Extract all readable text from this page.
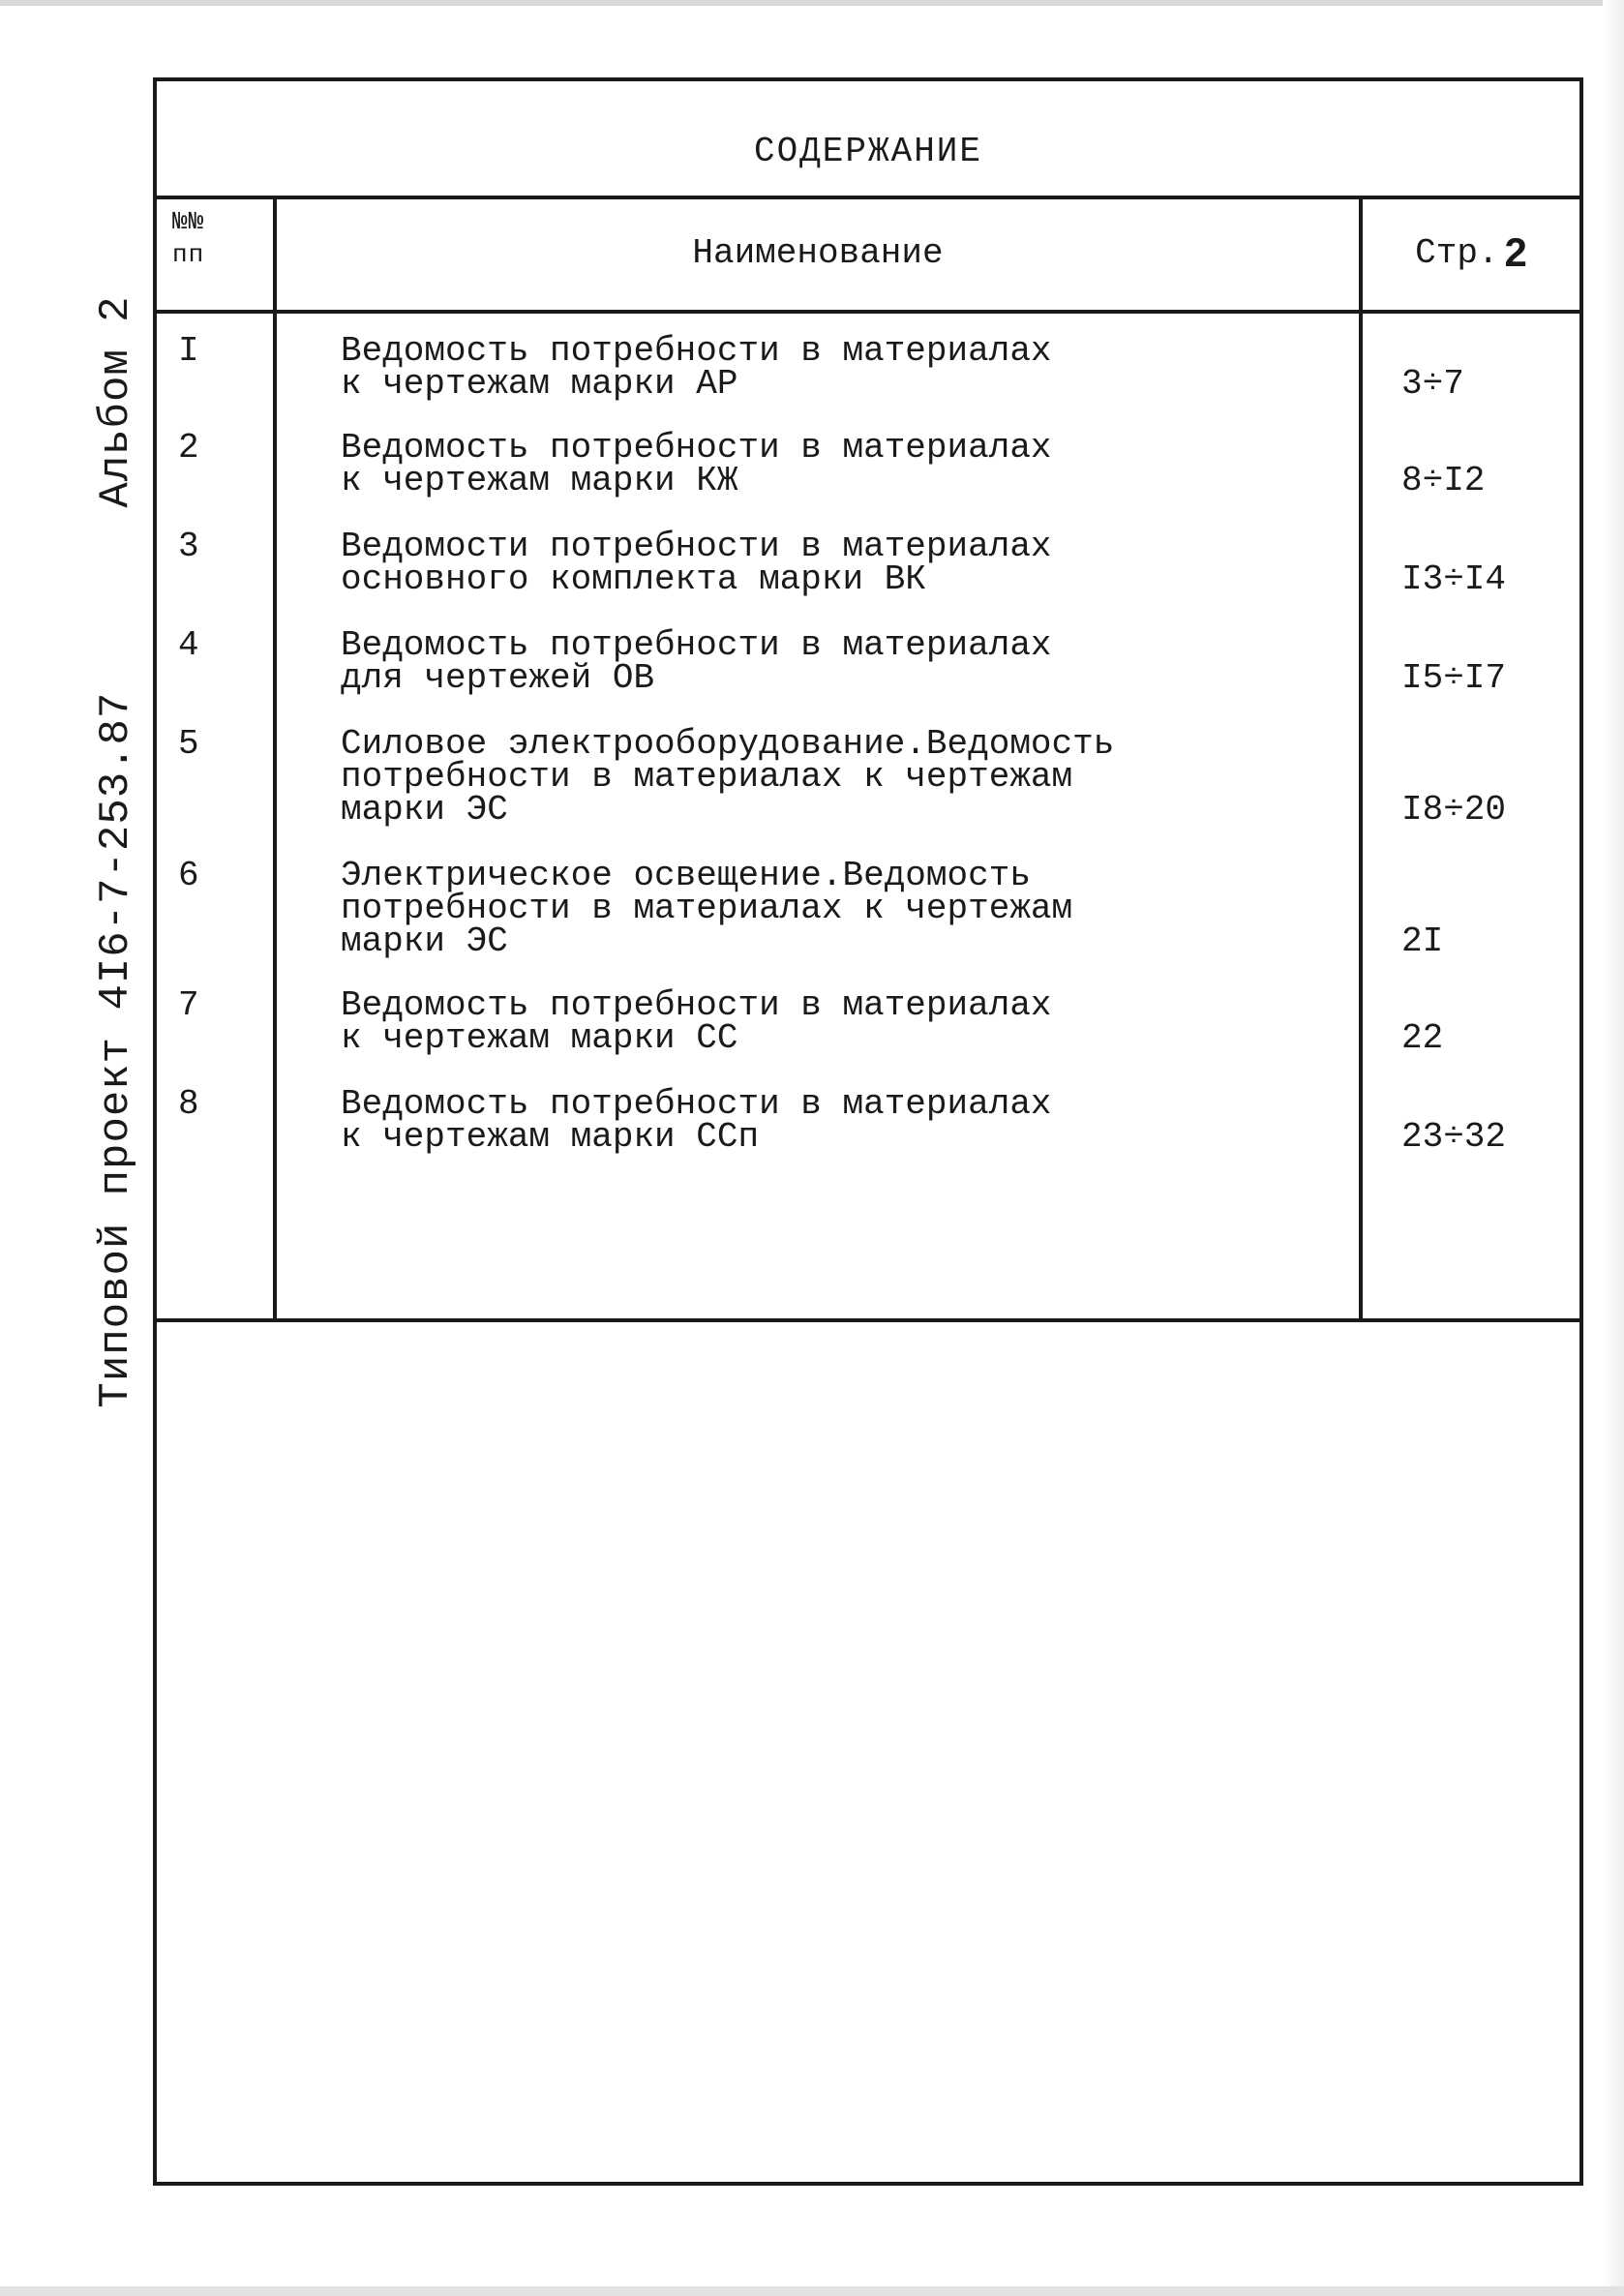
Типовой проект 4I6-7-253.87
Альбом 2
СОДЕРЖАНИЕ
№№
пп	Наименование	Стр. 2
I	Ведомость потребности в материалах
к чертежам марки АР	3÷7
2	Ведомость потребности в материалах
к чертежам марки КЖ	8÷I2
3	Ведомости потребности в материалах
основного комплекта марки ВК	I3÷I4
4	Ведомость потребности в материалах
для чертежей ОВ	I5÷I7
5	Силовое электрооборудование.Ведомость
потребности в материалах к чертежам
марки ЭС	I8÷20
6	Электрическое освещение.Ведомость
потребности в материалах к чертежам
марки ЭС	2I
7	Ведомость потребности в материалах
к чертежам марки СС	22
8	Ведомость потребности в материалах
к чертежам марки ССп	23÷32
